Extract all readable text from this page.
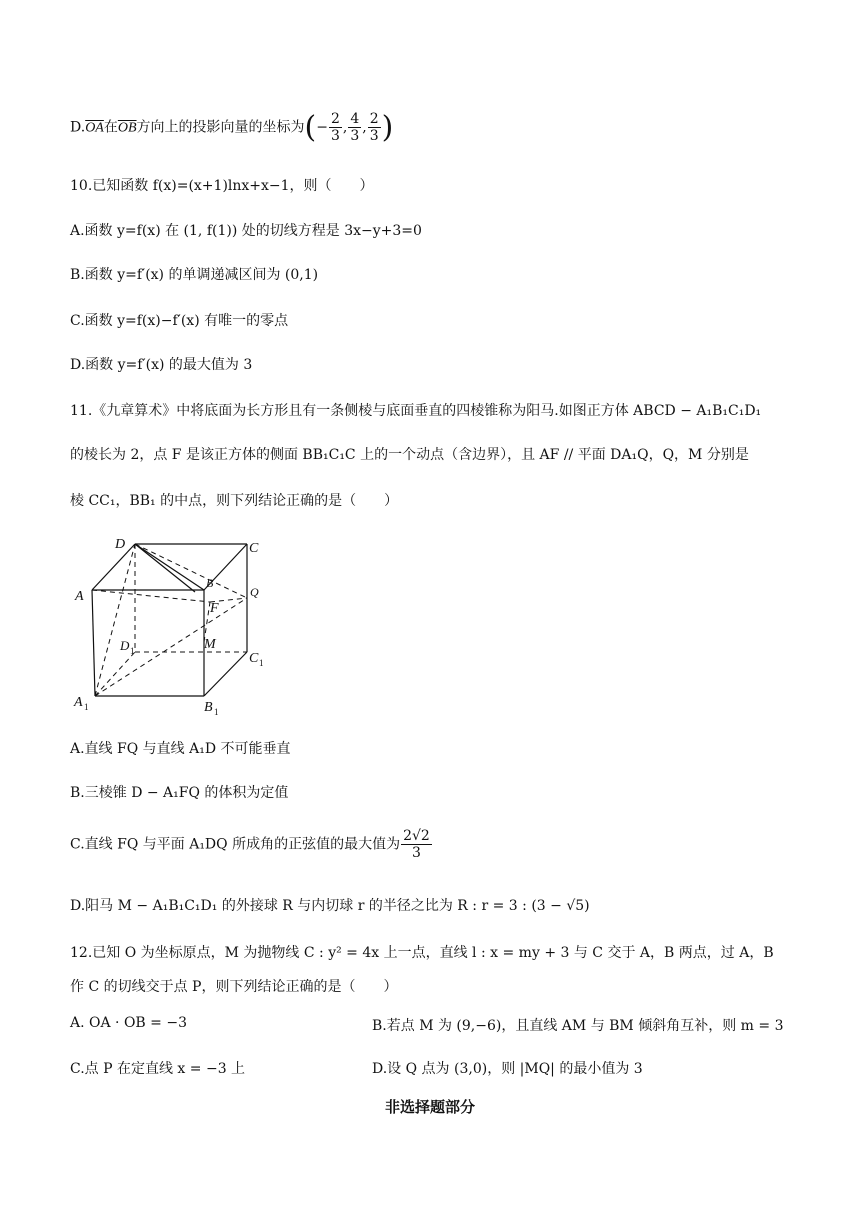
$D.\overline{OA}$在$\overline{OB}$方向上的投影向量的坐标为(− $\frac{2}{3}$ , $\frac{4}{3}$ , $\frac{2}{3}$ )
10.已知函数 f(x)=(x+1)lnx+x−1，则（　　）
A.函数 y=f(x) 在 (1, f(1)) 处的切线方程是 3x−y+3=0
B.函数 y=f′(x) 的单调递减区间为 (0,1)
C.函数 y=f(x)−f′(x) 有唯一的零点
D.函数 y=f′(x) 的最大值为 3
11.《九章算术》中将底面为长方形且有一条侧棱与底面垂直的四棱锥称为阳马.如图正方体 ABCD − A₁B₁C₁D₁
的棱长为 2，点 F 是该正方体的侧面 BB₁C₁C 上的一个动点（含边界），且 AF // 平面 DA₁Q，Q，M 分别是
棱 CC₁，BB₁ 的中点，则下列结论正确的是（　　）
D	C
A
B
Q
F
D 1	M
C 1
A 1	B 1
A.直线 FQ 与直线 A₁D 不可能垂直
B.三棱锥 D − A₁FQ 的体积为定值
C.直线 FQ 与平面 A₁DQ 所成角的正弦值的最大值为 $\frac{2√2}{3}$
D.阳马 M − A₁B₁C₁D₁ 的外接球 R 与内切球 r 的半径之比为 R : r = 3 : (3 − √5)
12.已知 O 为坐标原点，M 为抛物线 C : y² = 4x 上一点，直线 l : x = my + 3 与 C 交于 A，B 两点，过 A，B
作 C 的切线交于点 P，则下列结论正确的是（　　）
A. OA · OB = −3	B.若点 M 为 (9,−6)，且直线 AM 与 BM 倾斜角互补，则 m = 3
C.点 P 在定直线 x = −3 上	D.设 Q 点为 (3,0)，则 |MQ| 的最小值为 3
非选择题部分
